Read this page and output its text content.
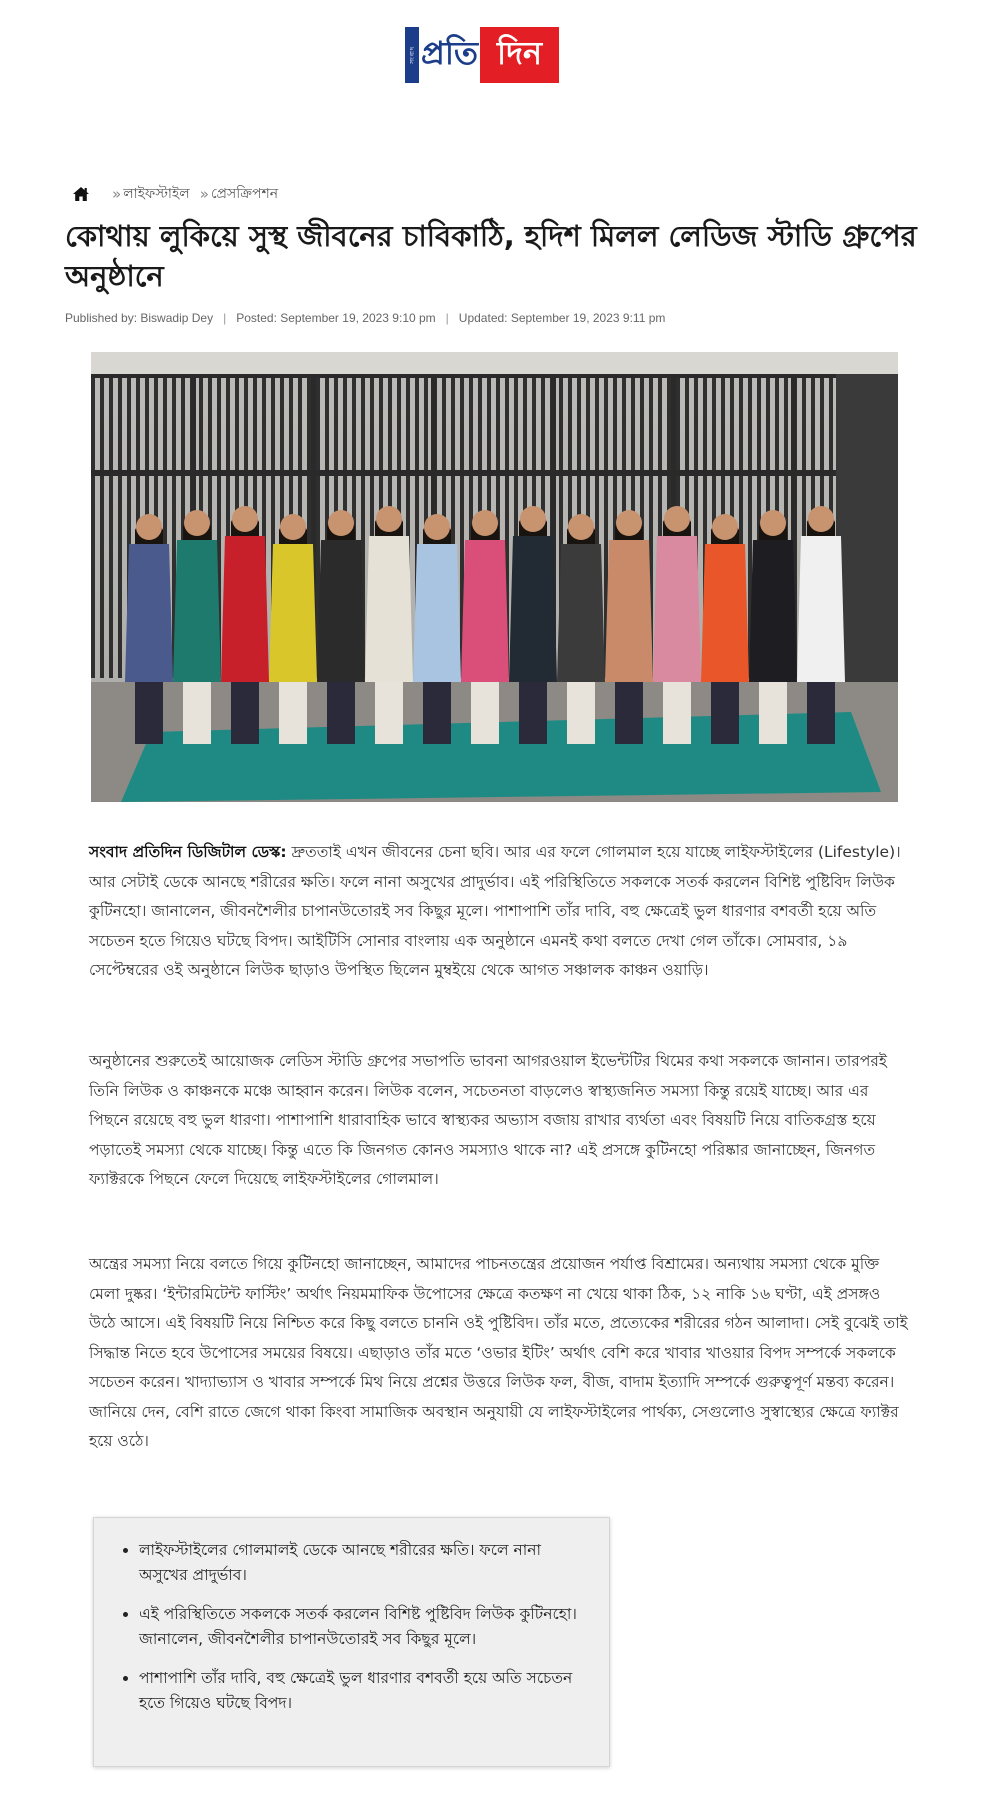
সংবাদ প্রতি দিন
» লাইফস্টাইল » প্রেসক্রিপশন
কোথায় লুকিয়ে সুস্থ জীবনের চাবিকাঠি, হদিশ মিলল লেডিজ স্টাডি গ্রুপের অনুষ্ঠানে
Published by: Biswadip Dey | Posted: September 19, 2023 9:10 pm | Updated: September 19, 2023 9:11 pm

সংবাদ প্রতিদিন ডিজিটাল ডেস্ক: দ্রুততাই এখন জীবনের চেনা ছবি। আর এর ফলে গোলমাল হয়ে যাচ্ছে লাইফস্টাইলের (Lifestyle)। আর সেটাই ডেকে আনছে শরীরের ক্ষতি। ফলে নানা অসুখের প্রাদুর্ভাব। এই পরিস্থিতিতে সকলকে সতর্ক করলেন বিশিষ্ট পুষ্টিবিদ লিউক কুটিনহো। জানালেন, জীবনশৈলীর চাপানউতোরই সব কিছুর মূলে। পাশাপাশি তাঁর দাবি, বহু ক্ষেত্রেই ভুল ধারণার বশবর্তী হয়ে অতি সচেতন হতে গিয়েও ঘটছে বিপদ। আইটিসি সোনার বাংলায় এক অনুষ্ঠানে এমনই কথা বলতে দেখা গেল তাঁকে। সোমবার, ১৯ সেপ্টেম্বরের ওই অনুষ্ঠানে লিউক ছাড়াও উপস্থিত ছিলেন মুম্বইয়ে থেকে আগত সঞ্চালক কাঞ্চন ওয়াড়ি।

অনুষ্ঠানের শুরুতেই আয়োজক লেডিস স্টাডি গ্রুপের সভাপতি ভাবনা আগরওয়াল ইভেন্টটির থিমের কথা সকলকে জানান। তারপরই তিনি লিউক ও কাঞ্চনকে মঞ্চে আহ্বান করেন। লিউক বলেন, সচেতনতা বাড়লেও স্বাস্থ্যজনিত সমস্যা কিন্তু রয়েই যাচ্ছে। আর এর পিছনে রয়েছে বহু ভুল ধারণা। পাশাপাশি ধারাবাহিক ভাবে স্বাস্থ্যকর অভ্যাস বজায় রাখার ব্যর্থতা এবং বিষয়টি নিয়ে বাতিকগ্রস্ত হয়ে পড়াতেই সমস্যা থেকে যাচ্ছে। কিন্তু এতে কি জিনগত কোনও সমস্যাও থাকে না? এই প্রসঙ্গে কুটিনহো পরিষ্কার জানাচ্ছেন, জিনগত ফ্যাক্টরকে পিছনে ফেলে দিয়েছে লাইফস্টাইলের গোলমাল।

অন্ত্রের সমস্যা নিয়ে বলতে গিয়ে কুটিনহো জানাচ্ছেন, আমাদের পাচনতন্ত্রের প্রয়োজন পর্যাপ্ত বিশ্রামের। অন্যথায় সমস্যা থেকে মুক্তি মেলা দুষ্কর। ‘ইন্টারমিটেন্ট ফাস্টিং’ অর্থাৎ নিয়মমাফিক উপোসের ক্ষেত্রে কতক্ষণ না খেয়ে থাকা ঠিক, ১২ নাকি ১৬ ঘণ্টা, এই প্রসঙ্গও উঠে আসে। এই বিষয়টি নিয়ে নিশ্চিত করে কিছু বলতে চাননি ওই পুষ্টিবিদ। তাঁর মতে, প্রত্যেকের শরীরের গঠন আলাদা। সেই বুঝেই তাই সিদ্ধান্ত নিতে হবে উপোসের সময়ের বিষয়ে। এছাড়াও তাঁর মতে ‘ওভার ইটিং’ অর্থাৎ বেশি করে খাবার খাওয়ার বিপদ সম্পর্কে সকলকে সচেতন করেন। খাদ্যাভ্যাস ও খাবার সম্পর্কে মিথ নিয়ে প্রশ্নের উত্তরে লিউক ফল, বীজ, বাদাম ইত্যাদি সম্পর্কে গুরুত্বপূর্ণ মন্তব্য করেন। জানিয়ে দেন, বেশি রাতে জেগে থাকা কিংবা সামাজিক অবস্থান অনুযায়ী যে লাইফস্টাইলের পার্থক্য, সেগুলোও সুস্বাস্থ্যের ক্ষেত্রে ফ্যাক্টর হয়ে ওঠে।

• লাইফস্টাইলের গোলমালই ডেকে আনছে শরীরের ক্ষতি। ফলে নানা অসুখের প্রাদুর্ভাব।
• এই পরিস্থিতিতে সকলকে সতর্ক করলেন বিশিষ্ট পুষ্টিবিদ লিউক কুটিনহো। জানালেন, জীবনশৈলীর চাপানউতোরই সব কিছুর মূলে।
• পাশাপাশি তাঁর দাবি, বহু ক্ষেত্রেই ভুল ধারণার বশবর্তী হয়ে অতি সচেতন হতে গিয়েও ঘটছে বিপদ।
